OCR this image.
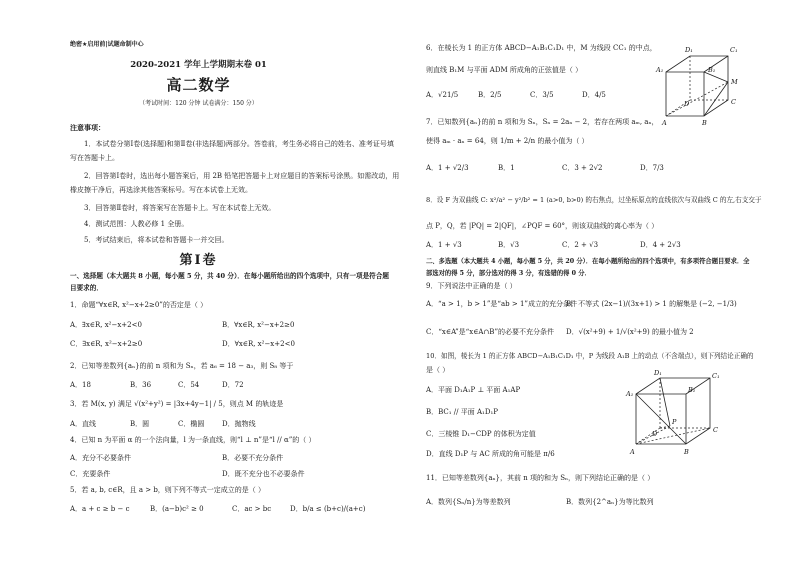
绝密★启用前|试题命制中心
2020-2021 学年上学期期末卷 01
高二数学
（考试时间：120 分钟 试卷满分：150 分）
注意事项：
1．本试卷分第Ⅰ卷(选择题)和第Ⅱ卷(非选择题)两部分。答卷前，考生务必将自己的姓名、准考证号填
写在答题卡上。
2．回答第Ⅰ卷时，选出每小题答案后，用 2B 铅笔把答题卡上对应题目的答案标号涂黑。如需改动，用
橡皮擦干净后，再选涂其他答案标号。写在本试卷上无效。
3．回答第Ⅱ卷时，将答案写在答题卡上。写在本试卷上无效。
4．测试范围：人教必修 1 全册。
5．考试结束后，将本试卷和答题卡一并交回。
第Ⅰ卷
一、选择题（本大题共 8 小题，每小题 5 分，共 40 分）．在每小题所给出的四个选项中，只有一项是符合题
目要求的．
1．命题“∀x∈R, x²−x+2≥0”的否定是（ ）
A．∃x∈R, x²−x+2<0	B．∀x∈R, x²−x+2≥0
C．∃x∈R, x²−x+2≥0	D．∀x∈R, x²−x+2<0
2．已知等差数列{aₙ}的前 n 项和为 Sₙ，若 a₆ = 18 − a₃，则 S₈ 等于
A．18	B．36	C．54	D．72
3．若 M(x, y) 满足 √(x²+y²) = |3x+4y−1| / 5，则点 M 的轨迹是
A．直线	B．圆	C．椭圆	D．抛物线
4．已知 n 为平面 α 的一个法向量，l 为一条直线，则“l ⊥ n”是“l // α”的（ ）
A．充分不必要条件	B．必要不充分条件
C．充要条件	D．既不充分也不必要条件
5．若 a, b, c∈R，且 a > b，则下列不等式一定成立的是（ ）
A．a + c ≥ b − c	B．(a−b)c² ≥ 0	C．ac > bc	D．b/a ≤ (b+c)/(a+c)
6．在棱长为 1 的正方体 ABCD−A₁B₁C₁D₁ 中，M 为线段 CC₁ 的中点，
则直线 B₁M 与平面 ADM 所成角的正弦值是（ ）
A．√21/5	B．2/5	C．3/5	D．4/5
D₁	C₁
A₁	B₁
M
D	C
A	B
7．已知数列{aₙ}的前 n 项和为 Sₙ，Sₙ = 2aₙ − 2，若存在两项 aₘ, aₙ，
使得 aₘ · aₙ = 64，则 1/m + 2/n 的最小值为（ ）
A．1 + √2/3	B．1	C．3 + 2√2	D．7/3
8．设 F 为双曲线 C: x²/a² − y²/b² = 1 (a>0, b>0) 的右焦点，过坐标原点的直线依次与双曲线 C 的左,右支交于
点 P，Q，若 |PQ| = 2|QF|，∠PQF = 60°，则该双曲线的离心率为（ ）
A．1 + √3	B．√3	C．2 + √3	D．4 + 2√3
二、多选题（本大题共 4 小题，每小题 5 分，共 20 分）．在每小题所给出的四个选项中，有多项符合题目要求．全
部选对的得 5 分，部分选对的得 3 分，有选错的得 0 分．
9．下列说法中正确的是（ ）
A．“a > 1，b > 1”是“ab > 1”成立的充分条件
B．不等式 (2x−1)/(3x+1) > 1 的解集是 (−2, −1/3)
C．“x∈A”是“x∈A∩B”的必要不充分条件 D．√(x²+9) + 1/√(x²+9) 的最小值为 2
10．如图，棱长为 1 的正方体 ABCD−A₁B₁C₁D₁ 中，P 为线段 A₁B 上的动点（不含端点），则下列结论正确的
是（ ）
A．平面 D₁A₁P ⊥ 平面 A₁AP
B．BC₁ // 平面 A₁D₁P
C．三棱锥 D₁−CDP 的体积为定值
D．直线 D₁P 与 AC 所成的角可能是 π/6
D₁	C₁
A₁	B₁
D	C
A	B
P
11．已知等差数列{aₙ}，其前 n 项的和为 Sₙ，则下列结论正确的是（ ）
A．数列{Sₙ/n}为等差数列	B．数列{2^aₙ}为等比数列
